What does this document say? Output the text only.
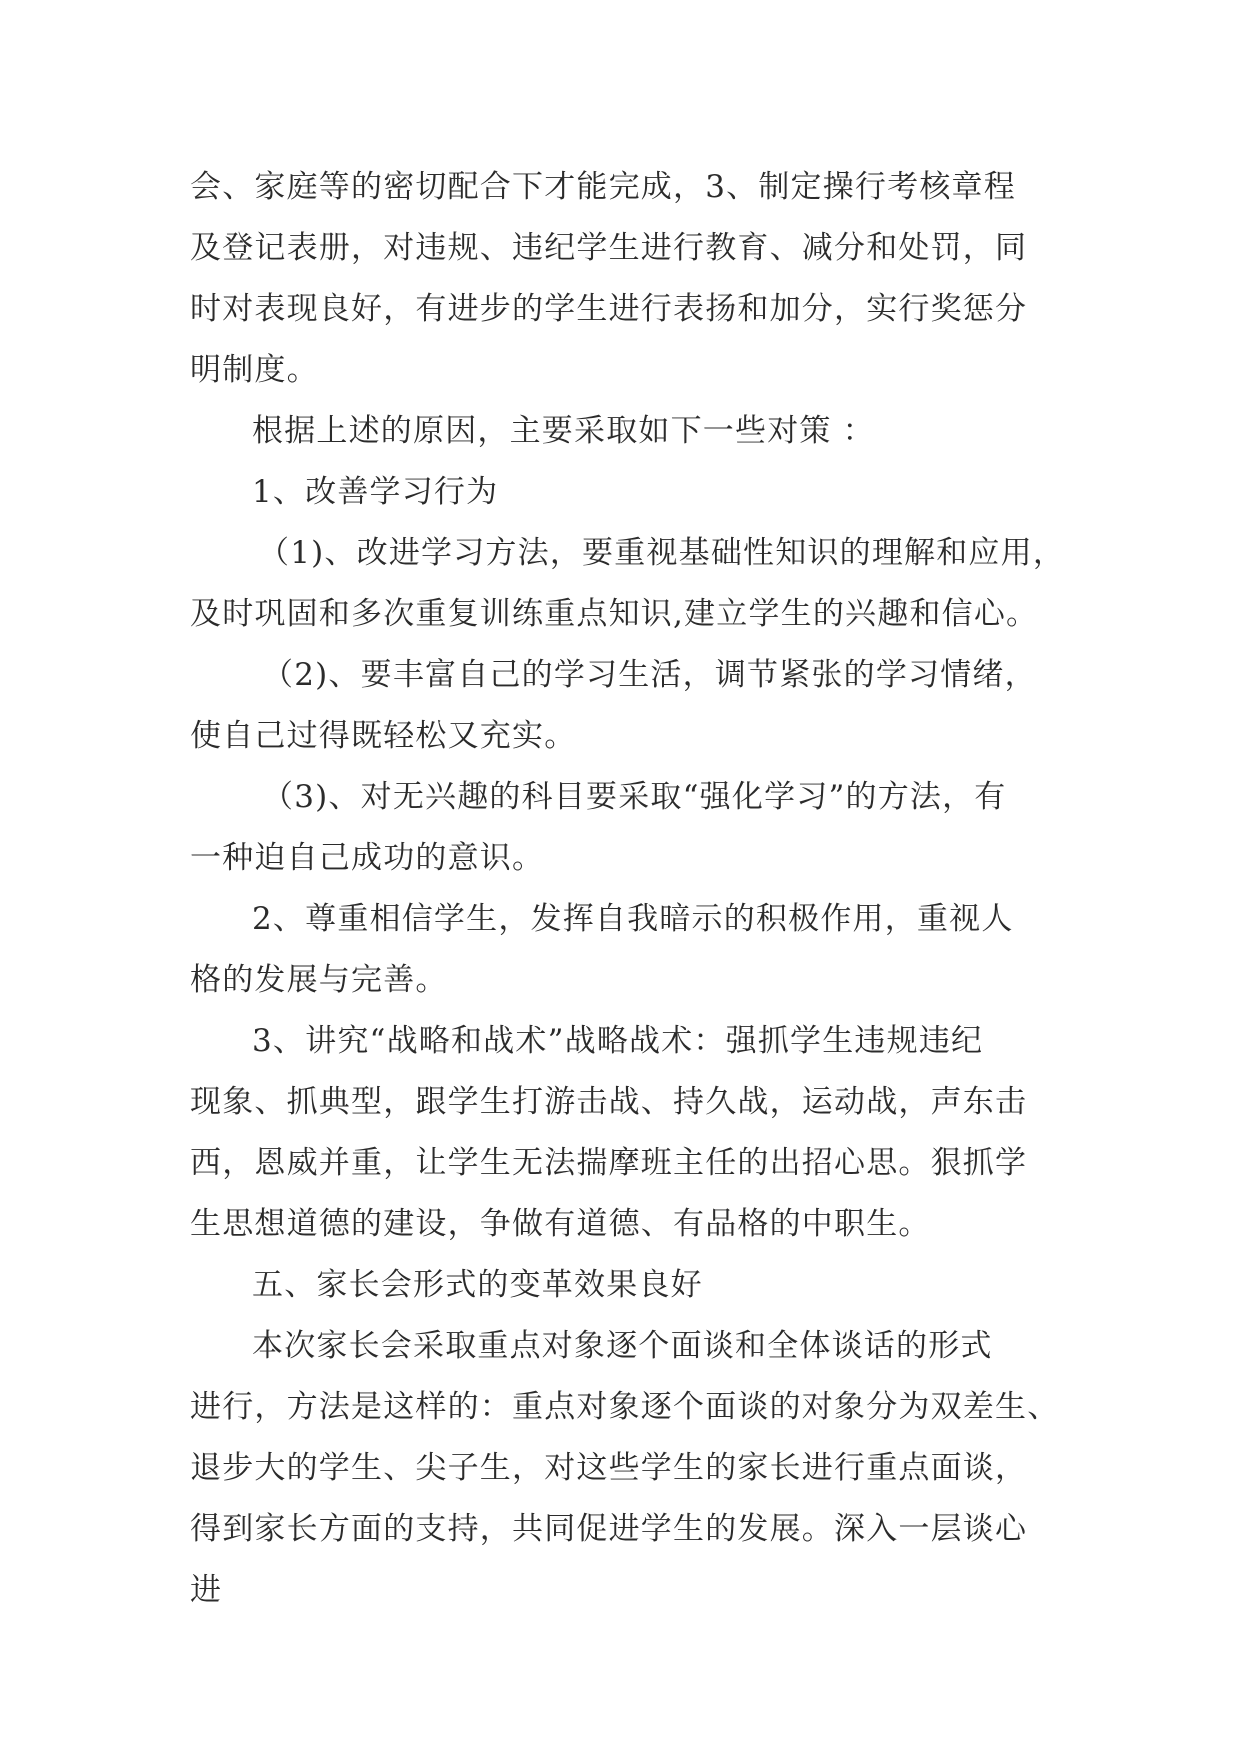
会、家庭等的密切配合下才能完成，3、制定操行考核章程
及登记表册，对违规、违纪学生进行教育、减分和处罚，同
时对表现良好，有进步的学生进行表扬和加分，实行奖惩分
明制度。
根据上述的原因，主要采取如下一些对策 ：
1、改善学习行为
（1)、改进学习方法，要重视基础性知识的理解和应用，
及时巩固和多次重复训练重点知识,建立学生的兴趣和信心。
（2)、要丰富自己的学习生活，调节紧张的学习情绪，
使自己过得既轻松又充实。
（3)、对无兴趣的科目要采取“强化学习”的方法，有
一种迫自己成功的意识。
2、尊重相信学生，发挥自我暗示的积极作用，重视人
格的发展与完善。
3、讲究“战略和战术”战略战术：强抓学生违规违纪
现象、抓典型，跟学生打游击战、持久战，运动战，声东击
西，恩威并重，让学生无法揣摩班主任的出招心思。狠抓学
生思想道德的建设，争做有道德、有品格的中职生。
五、家长会形式的变革效果良好
本次家长会采取重点对象逐个面谈和全体谈话的形式
进行，方法是这样的：重点对象逐个面谈的对象分为双差生、
退步大的学生、尖子生，对这些学生的家长进行重点面谈，
得到家长方面的支持，共同促进学生的发展。深入一层谈心
进
